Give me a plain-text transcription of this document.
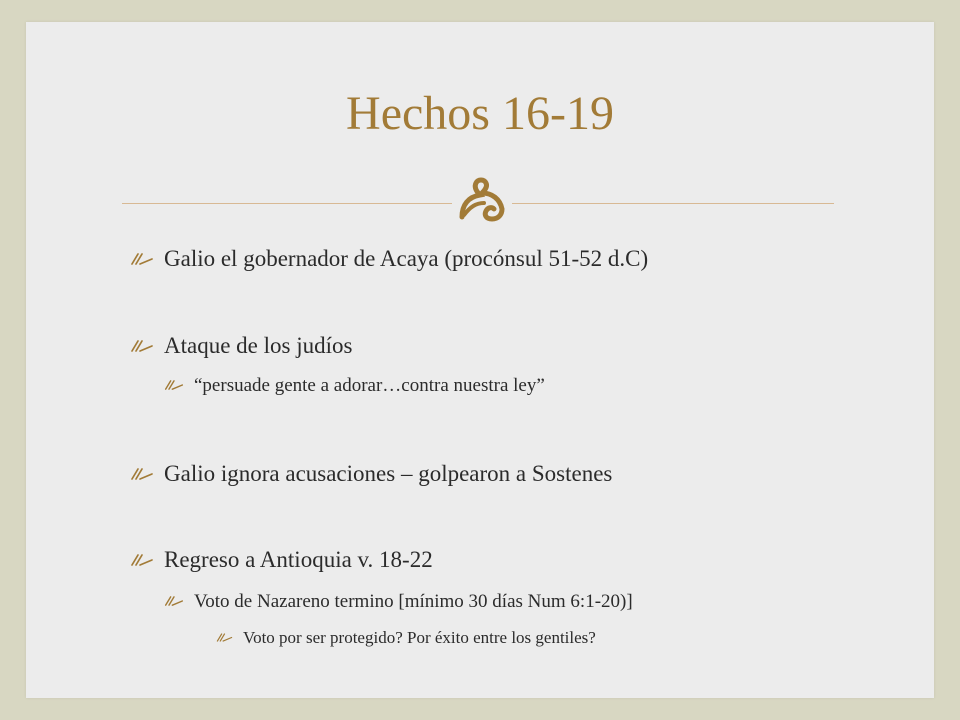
Hechos 16-19
Galio el gobernador de Acaya (procónsul 51-52 d.C)
Ataque de los judíos
“persuade gente a adorar…contra nuestra ley”
Galio ignora acusaciones – golpearon a Sostenes
Regreso a Antioquia v. 18-22
Voto de Nazareno termino [mínimo 30 días Num 6:1-20)]
Voto por ser protegido? Por éxito entre los gentiles?
